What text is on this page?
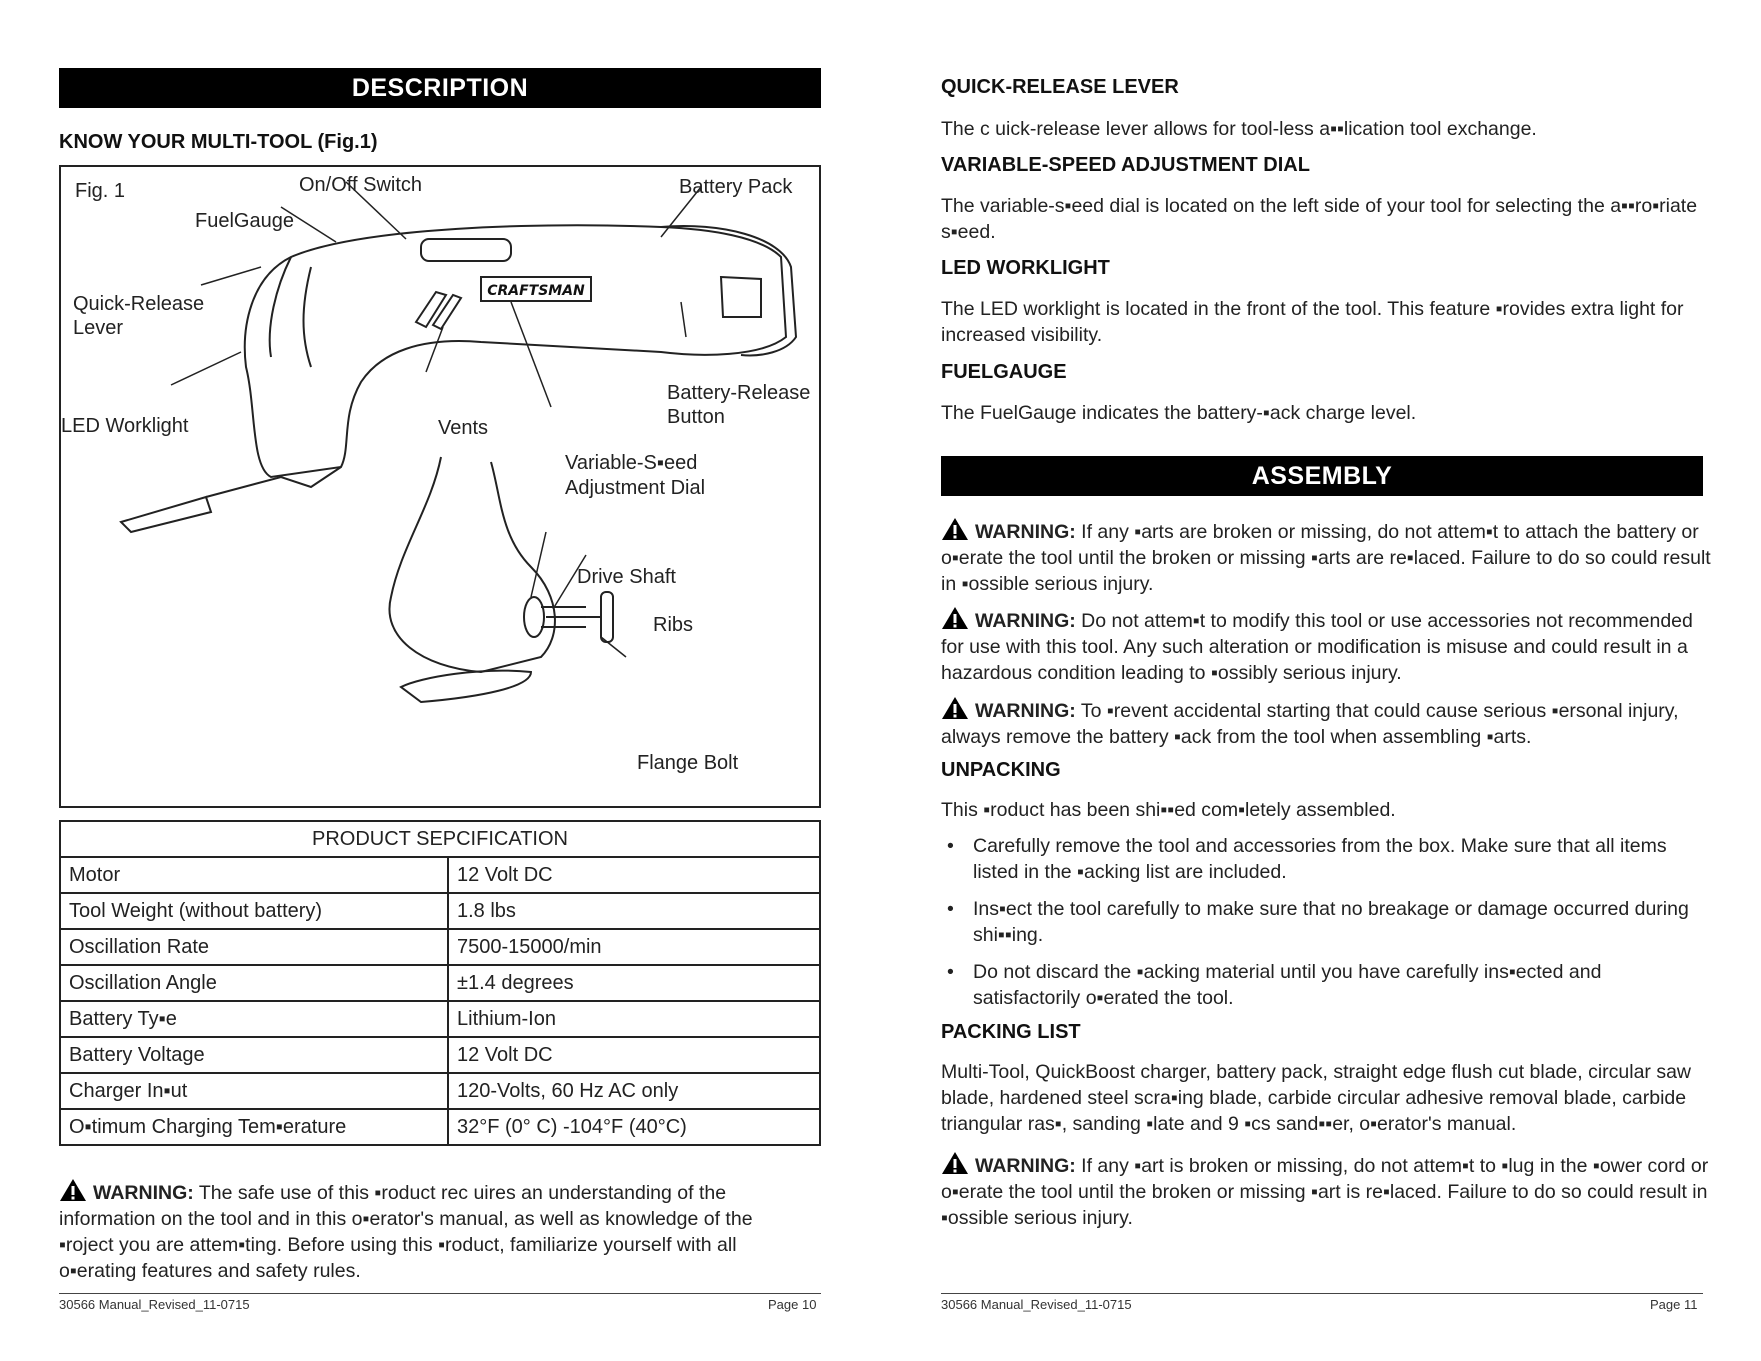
DESCRIPTION
KNOW YOUR MULTI-TOOL (Fig.1)
CRAFTSMAN
Fig. 1	On/Off Switch	Battery Pack
FuelGauge
Quick-Release
Lever
Battery-Release
Button
LED Worklight	Vents
Variable-S▪eed
Adjustment Dial
Drive Shaft
Ribs
Flange Bolt
PRODUCT SEPCIFICATION	
Motor	12 Volt DC
Tool Weight (without battery)	1.8 lbs
Oscillation Rate	7500-15000/min
Oscillation Angle	±1.4 degrees
Battery Ty▪e	Lithium-Ion
Battery Voltage	12 Volt DC
Charger In▪ut	120-Volts, 60 Hz AC only
O▪timum Charging Tem▪erature	32°F (0° C) -104°F (40°C)
WARNING: The safe use of this ▪roduct rec uires an understanding of the information on the tool and in this o▪erator's manual, as well as knowledge of the ▪roject you are attem▪ting. Before using this ▪roduct, familiarize yourself with all o▪erating features and safety rules.
30566 Manual_Revised_11-0715	Page 10
QUICK-RELEASE LEVER
The c uick-release lever allows for tool-less a▪▪lication tool exchange.
VARIABLE-SPEED ADJUSTMENT DIAL
The variable-s▪eed dial is located on the left side of your tool for selecting the a▪▪ro▪riate s▪eed.
LED WORKLIGHT
The LED worklight is located in the front of the tool. This feature ▪rovides extra light for increased visibility.
FUELGAUGE
The FuelGauge indicates the battery-▪ack charge level.
ASSEMBLY
WARNING: If any ▪arts are broken or missing, do not attem▪t to attach the battery or o▪erate the tool until the broken or missing ▪arts are re▪laced. Failure to do so could result in ▪ossible serious injury.
WARNING: Do not attem▪t to modify this tool or use accessories not recommended for use with this tool. Any such alteration or modification is misuse and could result in a hazardous condition leading to ▪ossibly serious injury.
WARNING: To ▪revent accidental starting that could cause serious ▪ersonal injury, always remove the battery ▪ack from the tool when assembling ▪arts.
UNPACKING
This ▪roduct has been shi▪▪ed com▪letely assembled.
• Carefully remove the tool and accessories from the box. Make sure that all items listed in the ▪acking list are included.
• Ins▪ect the tool carefully to make sure that no breakage or damage occurred during shi▪▪ing.
• Do not discard the ▪acking material until you have carefully ins▪ected and satisfactorily o▪erated the tool.
PACKING LIST
Multi-Tool, QuickBoost charger, battery pack, straight edge flush cut blade, circular saw blade, hardened steel scra▪ing blade, carbide circular adhesive removal blade, carbide triangular ras▪, sanding ▪late and 9 ▪cs sand▪▪er, o▪erator's manual.
WARNING: If any ▪art is broken or missing, do not attem▪t to ▪lug in the ▪ower cord or o▪erate the tool until the broken or missing ▪art is re▪laced. Failure to do so could result in ▪ossible serious injury.
30566 Manual_Revised_11-0715	Page 11
